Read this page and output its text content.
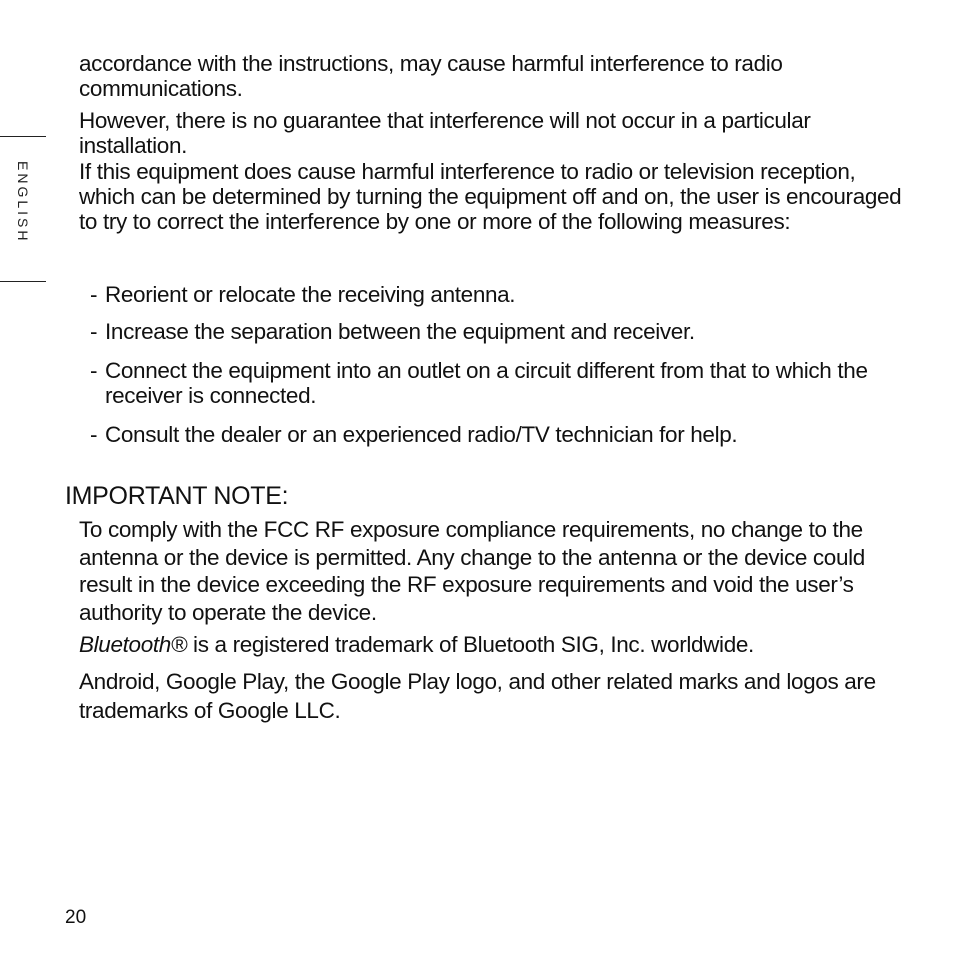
ENGLISH

accordance with the instructions, may cause harmful interference to radio communications.

However, there is no guarantee that interference will not occur in a particular installation.

If this equipment does cause harmful interference to radio or television reception, which can be determined by turning the equipment off and on, the user is encouraged to try to correct the interference by one or more of the following measures:

- Reorient or relocate the receiving antenna.
- Increase the separation between the equipment and receiver.
- Connect the equipment into an outlet on a circuit different from that to which the receiver is connected.
- Consult the dealer or an experienced radio/TV technician for help.
IMPORTANT NOTE:

To comply with the FCC RF exposure compliance requirements, no change to the antenna or the device is permitted. Any change to the antenna or the device could result in the device exceeding the RF exposure requirements and void the user’s authority to operate the device.

Bluetooth® is a registered trademark of Bluetooth SIG, Inc. worldwide.

Android, Google Play, the Google Play logo, and other related marks and logos are trademarks of Google LLC.

20
